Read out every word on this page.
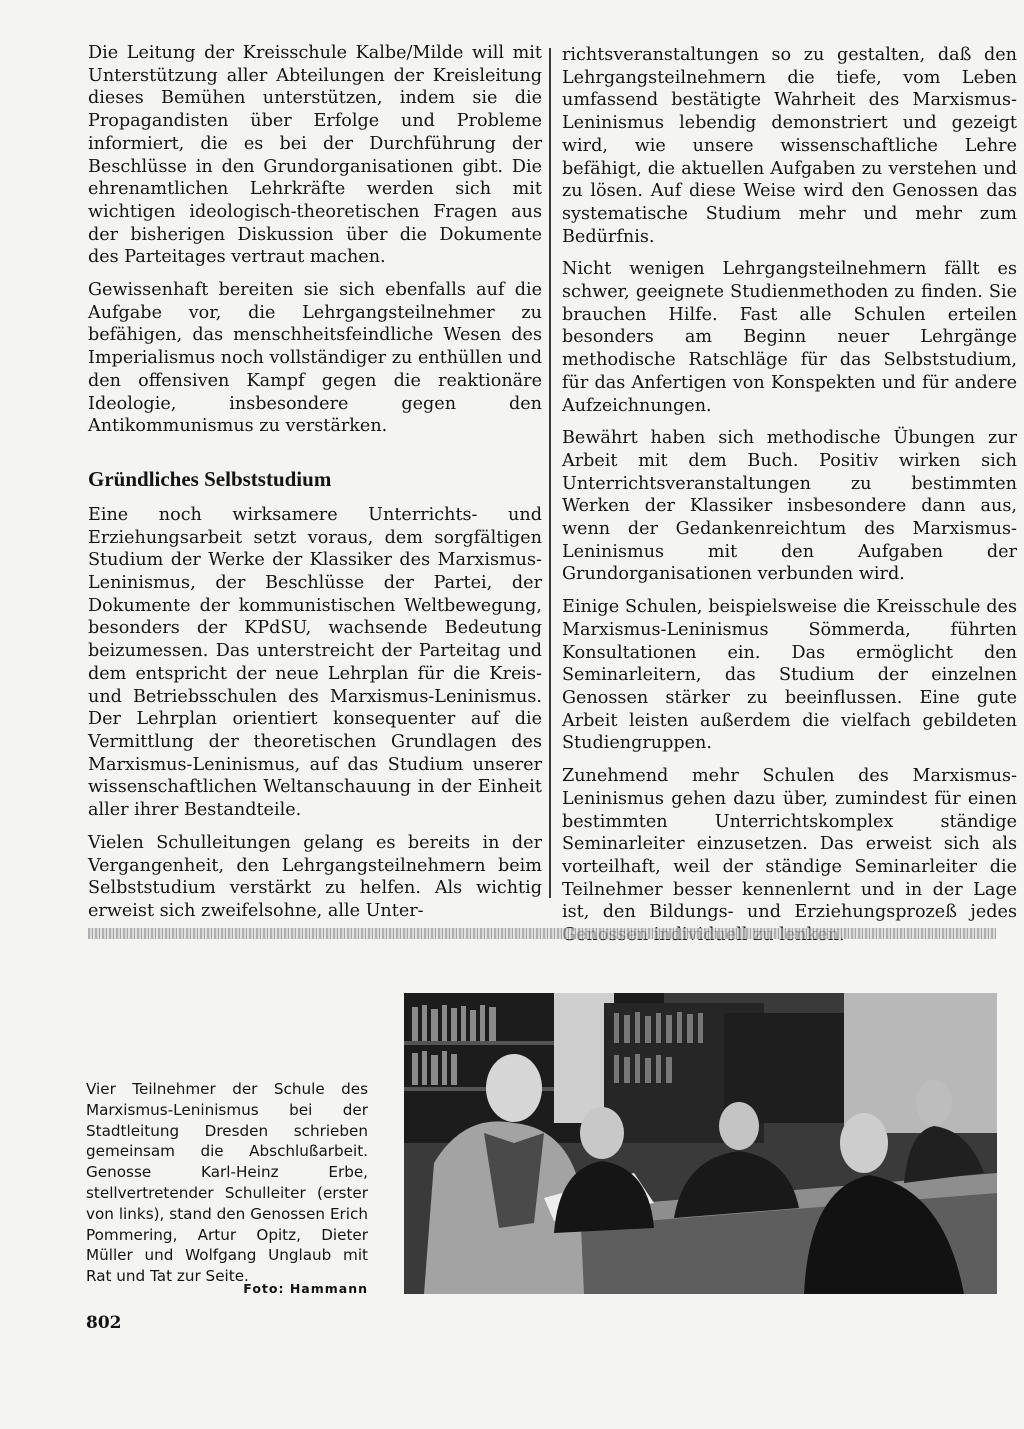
Die Leitung der Kreisschule Kalbe/Milde will mit Unterstützung aller Abteilungen der Kreisleitung dieses Bemühen unterstützen, indem sie die Propagandisten über Erfolge und Probleme informiert, die es bei der Durchführung der Beschlüsse in den Grundorganisationen gibt. Die ehrenamtlichen Lehrkräfte werden sich mit wichtigen ideologisch-theoretischen Fragen aus der bisherigen Diskussion über die Dokumente des Parteitages vertraut machen.

Gewissenhaft bereiten sie sich ebenfalls auf die Aufgabe vor, die Lehrgangsteilnehmer zu befähigen, das menschheitsfeindliche Wesen des Imperialismus noch vollständiger zu enthüllen und den offensiven Kampf gegen die reaktionäre Ideologie, insbesondere gegen den Antikommunismus zu verstärken.

Gründliches Selbststudium

Eine noch wirksamere Unterrichts- und Erziehungsarbeit setzt voraus, dem sorgfältigen Studium der Werke der Klassiker des Marxismus-Leninismus, der Beschlüsse der Partei, der Dokumente der kommunistischen Weltbewegung, besonders der KPdSU, wachsende Bedeutung beizumessen. Das unterstreicht der Parteitag und dem entspricht der neue Lehrplan für die Kreis- und Betriebsschulen des Marxismus-Leninismus. Der Lehrplan orientiert konsequenter auf die Vermittlung der theoretischen Grundlagen des Marxismus-Leninismus, auf das Studium unserer wissenschaftlichen Weltanschauung in der Einheit aller ihrer Bestandteile.

Vielen Schulleitungen gelang es bereits in der Vergangenheit, den Lehrgangsteilnehmern beim Selbststudium verstärkt zu helfen. Als wichtig erweist sich zweifelsohne, alle Unter-

richtsveranstaltungen so zu gestalten, daß den Lehrgangsteilnehmern die tiefe, vom Leben umfassend bestätigte Wahrheit des Marxismus-Leninismus lebendig demonstriert und gezeigt wird, wie unsere wissenschaftliche Lehre befähigt, die aktuellen Aufgaben zu verstehen und zu lösen. Auf diese Weise wird den Genossen das systematische Studium mehr und mehr zum Bedürfnis.

Nicht wenigen Lehrgangsteilnehmern fällt es schwer, geeignete Studienmethoden zu finden. Sie brauchen Hilfe. Fast alle Schulen erteilen besonders am Beginn neuer Lehrgänge methodische Ratschläge für das Selbststudium, für das Anfertigen von Konspekten und für andere Aufzeichnungen.

Bewährt haben sich methodische Übungen zur Arbeit mit dem Buch. Positiv wirken sich Unterrichtsveranstaltungen zu bestimmten Werken der Klassiker insbesondere dann aus, wenn der Gedankenreichtum des Marxismus-Leninismus mit den Aufgaben der Grundorganisationen verbunden wird.

Einige Schulen, beispielsweise die Kreisschule des Marxismus-Leninismus Sömmerda, führten Konsultationen ein. Das ermöglicht den Seminarleitern, das Studium der einzelnen Genossen stärker zu beeinflussen. Eine gute Arbeit leisten außerdem die vielfach gebildeten Studiengruppen.

Zunehmend mehr Schulen des Marxismus-Leninismus gehen dazu über, zumindest für einen bestimmten Unterrichtskomplex ständige Seminarleiter einzusetzen. Das erweist sich als vorteilhaft, weil der ständige Seminarleiter die Teilnehmer besser kennenlernt und in der Lage ist, den Bildungs- und Erziehungsprozeß jedes

Vier Teilnehmer der Schule des Marxismus-Leninismus bei der Stadtleitung Dresden schrieben gemeinsam die Abschlußarbeit. Genosse Karl-Heinz Erbe, stellvertretender Schulleiter (erster von links), stand den Genossen Erich Pommering, Artur Opitz, Dieter Müller und Wolfgang Unglaub mit Rat und Tat zur Seite.
Foto: Hammann
802
